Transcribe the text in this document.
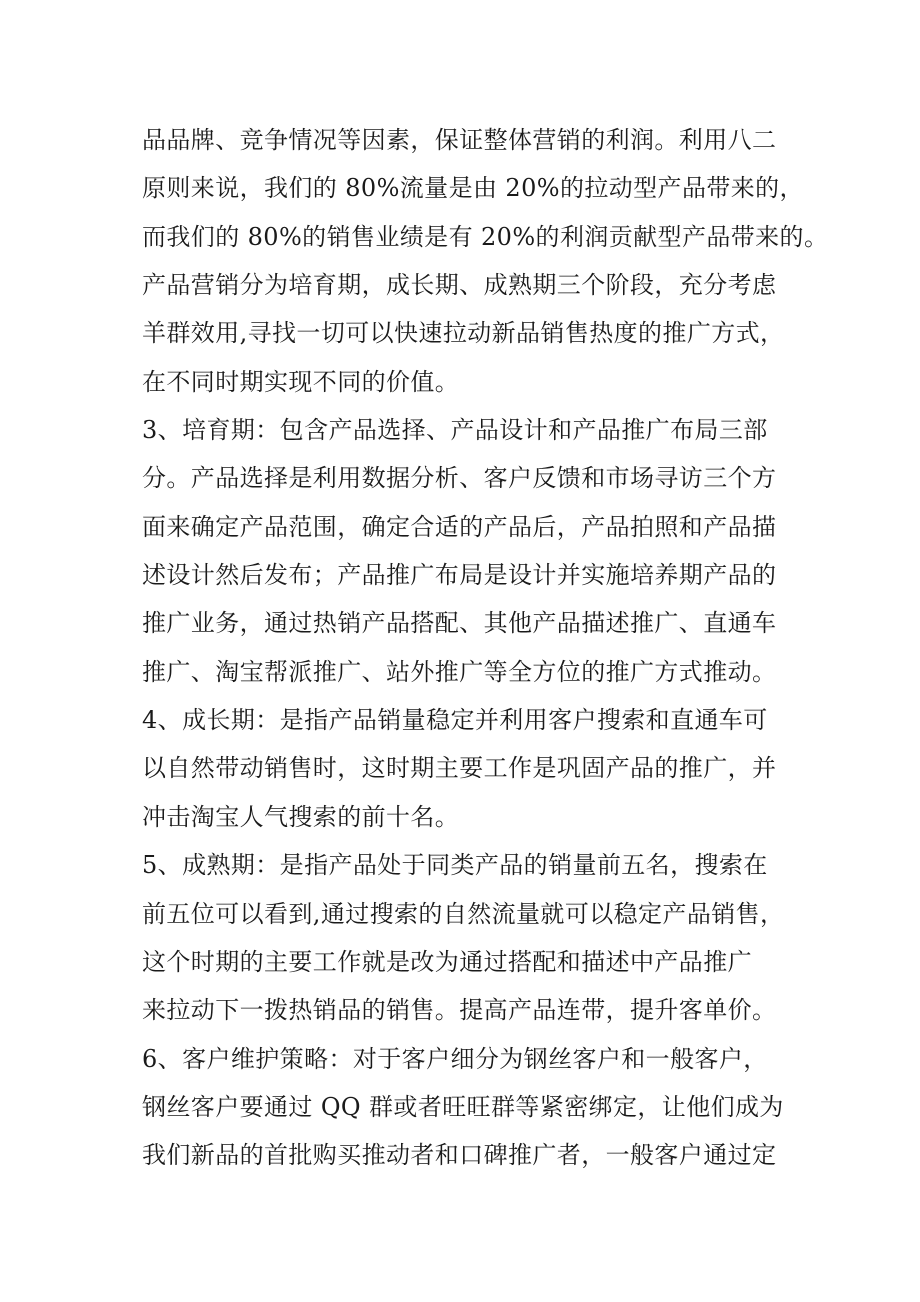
品品牌、竞争情况等因素，保证整体营销的利润。利用八二
原则来说，我们的 80%流量是由 20%的拉动型产品带来的，
而我们的 80%的销售业绩是有 20%的利润贡献型产品带来的。
产品营销分为培育期，成长期、成熟期三个阶段，充分考虑
羊群效用,寻找一切可以快速拉动新品销售热度的推广方式，
在不同时期实现不同的价值。
3、培育期：包含产品选择、产品设计和产品推广布局三部
分。产品选择是利用数据分析、客户反馈和市场寻访三个方
面来确定产品范围，确定合适的产品后，产品拍照和产品描
述设计然后发布；产品推广布局是设计并实施培养期产品的
推广业务，通过热销产品搭配、其他产品描述推广、直通车
推广、淘宝帮派推广、站外推广等全方位的推广方式推动。
4、成长期：是指产品销量稳定并利用客户搜索和直通车可
以自然带动销售时，这时期主要工作是巩固产品的推广，并
冲击淘宝人气搜索的前十名。
5、成熟期：是指产品处于同类产品的销量前五名，搜索在
前五位可以看到,通过搜索的自然流量就可以稳定产品销售，
这个时期的主要工作就是改为通过搭配和描述中产品推广
来拉动下一拨热销品的销售。提高产品连带，提升客单价。
6、客户维护策略：对于客户细分为钢丝客户和一般客户，
钢丝客户要通过 QQ 群或者旺旺群等紧密绑定，让他们成为
我们新品的首批购买推动者和口碑推广者，一般客户通过定
